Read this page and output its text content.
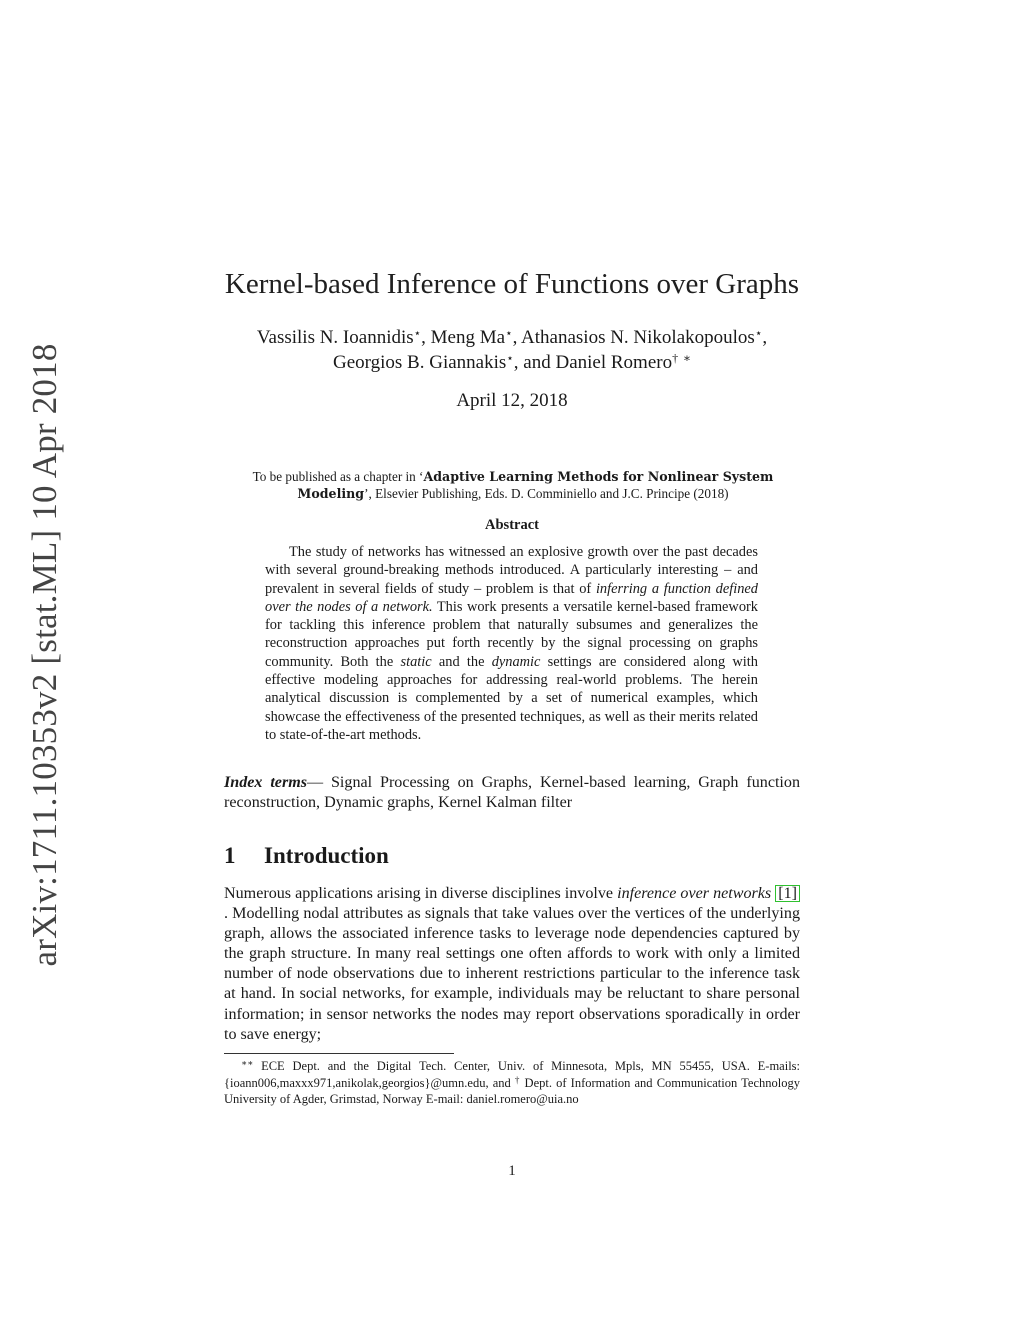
arXiv:1711.10353v2 [stat.ML] 10 Apr 2018
Kernel-based Inference of Functions over Graphs
Vassilis N. Ioannidis⋆, Meng Ma⋆, Athanasios N. Nikolakopoulos⋆,
Georgios B. Giannakis⋆, and Daniel Romero† ∗
April 12, 2018
To be published as a chapter in ‘Adaptive Learning Methods for Nonlinear System Modeling’, Elsevier Publishing, Eds. D. Comminiello and J.C. Principe (2018)
Abstract
The study of networks has witnessed an explosive growth over the past decades with several ground-breaking methods introduced. A particularly interesting – and prevalent in several fields of study – problem is that of inferring a function defined over the nodes of a network. This work presents a versatile kernel-based framework for tackling this inference problem that naturally subsumes and generalizes the reconstruction approaches put forth recently by the signal processing on graphs community. Both the static and the dynamic settings are considered along with effective modeling approaches for addressing real-world problems. The herein analytical discussion is complemented by a set of numerical examples, which showcase the effectiveness of the presented techniques, as well as their merits related to state-of-the-art methods.
Index terms— Signal Processing on Graphs, Kernel-based learning, Graph function reconstruction, Dynamic graphs, Kernel Kalman filter
1 Introduction
Numerous applications arising in diverse disciplines involve inference over networks [1]. Modelling nodal attributes as signals that take values over the vertices of the underlying graph, allows the associated inference tasks to leverage node dependencies captured by the graph structure. In many real settings one often affords to work with only a limited number of node observations due to inherent restrictions particular to the inference task at hand. In social networks, for example, individuals may be reluctant to share personal information; in sensor networks the nodes may report observations sporadically in order to save energy;
∗∗ ECE Dept. and the Digital Tech. Center, Univ. of Minnesota, Mpls, MN 55455, USA. E-mails:{ioann006,maxxx971,anikolak,georgios}@umn.edu, and † Dept. of Information and Communication Technology University of Agder, Grimstad, Norway E-mail: daniel.romero@uia.no
1
